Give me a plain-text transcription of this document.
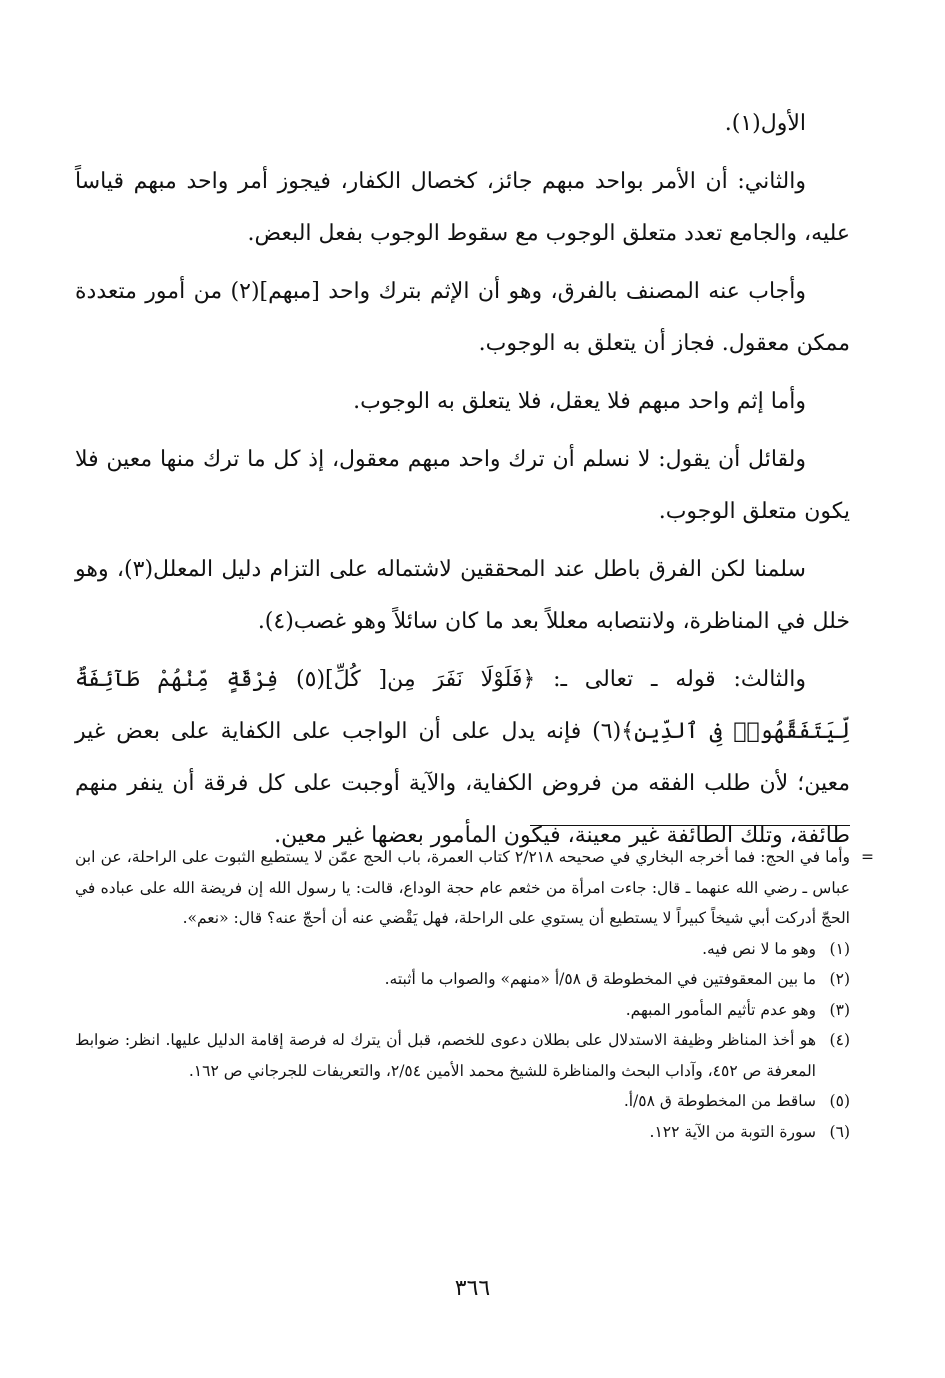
الأول(١).

والثاني: أن الأمر بواحد مبهم جائز، كخصال الكفار، فيجوز أمر واحد مبهم قياساً عليه، والجامع تعدد متعلق الوجوب مع سقوط الوجوب بفعل البعض.

وأجاب عنه المصنف بالفرق، وهو أن الإثم بترك واحد [مبهم](٢) من أمور متعددة ممكن معقول. فجاز أن يتعلق به الوجوب.

وأما إثم واحد مبهم فلا يعقل، فلا يتعلق به الوجوب.

ولقائل أن يقول: لا نسلم أن ترك واحد مبهم معقول، إذ كل ما ترك منها معين فلا يكون متعلق الوجوب.

سلمنا لكن الفرق باطل عند المحققين لاشتماله على التزام دليل المعلل(٣)، وهو خلل في المناظرة، ولانتصابه معللاً بعد ما كان سائلاً وهو غصب(٤).

والثالث: قوله ـ تعالى ـ: ﴿فَلَوْلَا نَفَرَ مِن[ كُلِّ](٥) فِرْقَةٍ مِّنْهُمْ طَآئِفَةٌ لِّيَتَفَقَّهُوا۟ فِى ٱلدِّينِ﴾(٦) فإنه يدل على أن الواجب على الكفاية على بعض غير معين؛ لأن طلب الفقه من فروض الكفاية، والآية أوجبت على كل فرقة أن ينفر منهم طائفة، وتلك الطائفة غير معينة، فيكون المأمور بعضها غير معين.

=
وأما في الحج: فما أخرجه البخاري في صحيحه ٢/٢١٨ كتاب العمرة، باب الحج عمّن لا يستطيع الثبوت على الراحلة، عن ابن عباس ـ رضي الله عنهما ـ قال: جاءت امرأة من خثعم عام حجة الوداع، قالت: يا رسول الله إن فريضة الله على عباده في الحجّ أدركت أبي شيخاً كبيراً لا يستطيع أن يستوي على الراحلة، فهل يَقْضي عنه أن أحجّ عنه؟ قال: «نعم».

(١)
وهو ما لا نص فيه.
(٢)
ما بين المعقوفتين في المخطوطة ق ٥٨/أ «منهم» والصواب ما أثبته.
(٣)
وهو عدم تأثيم المأمور المبهم.
(٤)
هو أخذ المناظر وظيفة الاستدلال على بطلان دعوى للخصم، قبل أن يترك له فرصة إقامة الدليل عليها. انظر: ضوابط المعرفة ص ٤٥٢، وآداب البحث والمناظرة للشيخ محمد الأمين ٢/٥٤، والتعريفات للجرجاني ص ١٦٢.
(٥)
ساقط من المخطوطة ق ٥٨/أ.
(٦)
سورة التوبة من الآية ١٢٢.
٣٦٦
